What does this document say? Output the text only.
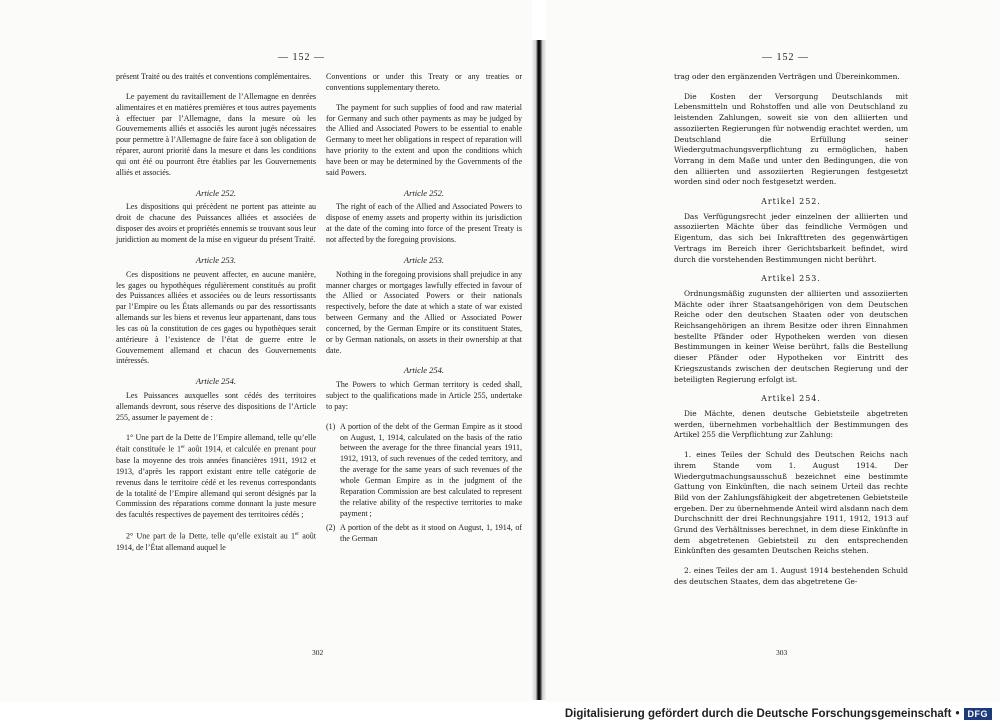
— 152 —

présent Traité ou des traités et conventions complémentaires.

Le payement du ravitaillement de l’Allemagne en denrées alimentaires et en matières premières et tous autres payements à effectuer par l’Allemagne, dans la mesure où les Gouvernements alliés et associés les auront jugés nécessaires pour permettre à l’Allemagne de faire face à son obligation de réparer, auront priorité dans la mesure et dans les conditions qui ont été ou pourront être établies par les Gouvernements alliés et associés.

Article 252.

Les dispositions qui précèdent ne portent pas atteinte au droit de chacune des Puissances alliées et associées de disposer des avoirs et propriétés ennemis se trouvant sous leur juridiction au moment de la mise en vigueur du présent Traité.

Article 253.

Ces dispositions ne peuvent affecter, en aucune manière, les gages ou hypothèques régulièrement constitués au profit des Puissances alliées et associées ou de leurs ressortissants par l’Empire ou les États allemands ou par des ressortissants allemands sur les biens et revenus leur appartenant, dans tous les cas où la constitution de ces gages ou hypothèques serait antérieure à l’existence de l’état de guerre entre le Gouvernement allemand et chacun des Gouvernements intéressés.

Article 254.

Les Puissances auxquelles sont cédés des territoires allemands devront, sous réserve des dispositions de l’Article 255, assumer le payement de :

1° Une part de la Dette de l’Empire allemand, telle qu’elle était constituée le 1er août 1914, et calculée en prenant pour base la moyenne des trois années financières 1911, 1912 et 1913, d’après les rapport existant entre telle catégorie de revenus dans le territoire cédé et les revenus correspondants de la totalité de l’Empire allemand qui seront désignés par la Commission des réparations comme donnant la juste mesure des facultés respectives de payement des territoires cédés ;

2° Une part de la Dette, telle qu’elle existait au 1er août 1914, de l’État allemand auquel le

Conventions or under this Treaty or any treaties or conventions supplementary thereto.

The payment for such supplies of food and raw material for Germany and such other payments as may be judged by the Allied and Associated Powers to be essential to enable Germany to meet her obligations in respect of reparation will have priority to the extent and upon the conditions which have been or may be determined by the Governments of the said Powers.

Article 252.

The right of each of the Allied and Associated Powers to dispose of enemy assets and property within its jurisdiction at the date of the coming into force of the present Treaty is not affected by the foregoing provisions.

Article 253.

Nothing in the foregoing provisions shall prejudice in any manner charges or mortgages lawfully effected in favour of the Allied or Associated Powers or their nationals respectively, before the date at which a state of war existed between Germany and the Allied or Associated Power concerned, by the German Empire or its constituent States, or by German nationals, on assets in their ownership at that date.

Article 254.

The Powers to which German territory is ceded shall, subject to the qualifications made in Article 255, undertake to pay:

(1) A portion of the debt of the German Empire as it stood on August, 1, 1914, calculated on the basis of the ratio between the average for the three financial years 1911, 1912, 1913, of such revenues of the ceded territory, and the average for the same years of such revenues of the whole German Empire as in the judgment of the Reparation Commission are best calculated to represent the relative ability of the respective territories to make payment ;
(2) A portion of the debt as it stood on August, 1, 1914, of the German
302
— 152 —
303

trag oder den ergänzenden Verträgen und Übereinkommen.

Die Kosten der Versorgung Deutschlands mit Lebensmitteln und Rohstoffen und alle von Deutschland zu leistenden Zahlungen, soweit sie von den alliierten und assoziierten Regierungen für notwendig erachtet werden, um Deutschland die Erfüllung seiner Wiedergutmachungsverpflichtung zu ermöglichen, haben Vorrang in dem Maße und unter den Bedingungen, die von den alliierten und assoziierten Regierungen festgesetzt worden sind oder noch festgesetzt werden.

Artikel 252.

Das Verfügungsrecht jeder einzelnen der alliierten und assoziierten Mächte über das feindliche Vermögen und Eigentum, das sich bei Inkrafttreten des gegenwärtigen Vertrags im Bereich ihrer Gerichtsbarkeit befindet, wird durch die vorstehenden Bestimmungen nicht berührt.

Artikel 253.

Ordnungsmäßig zugunsten der alliierten und assoziierten Mächte oder ihrer Staatsangehörigen von dem Deutschen Reiche oder den deutschen Staaten oder von deutschen Reichsangehörigen an ihrem Besitze oder ihren Einnahmen bestellte Pfänder oder Hypotheken werden von diesen Bestimmungen in keiner Weise berührt, falls die Bestellung dieser Pfänder oder Hypotheken vor Eintritt des Kriegszustands zwischen der deutschen Regierung und der beteiligten Regierung erfolgt ist.

Artikel 254.

Die Mächte, denen deutsche Gebietsteile abgetreten werden, übernehmen vorbehaltlich der Bestimmungen des Artikel 255 die Verpflichtung zur Zahlung:

1. eines Teiles der Schuld des Deutschen Reichs nach ihrem Stande vom 1. August 1914. Der Wiedergutmachungsausschuß bezeichnet eine bestimmte Gattung von Einkünften, die nach seinem Urteil das rechte Bild von der Zahlungsfähigkeit der abgetretenen Gebietsteile ergeben. Der zu übernehmende Anteil wird alsdann nach dem Durchschnitt der drei Rechnungsjahre 1911, 1912, 1913 auf Grund des Verhältnisses berechnet, in dem diese Einkünfte in dem abgetretenen Gebietsteil zu den entsprechenden Einkünften des gesamten Deutschen Reichs stehen.

2. eines Teiles der am 1. August 1914 bestehenden Schuld des deutschen Staates, dem das abgetretene Ge-

Digitalisierung gefördert durch die Deutsche Forschungsgemeinschaft • DFG
